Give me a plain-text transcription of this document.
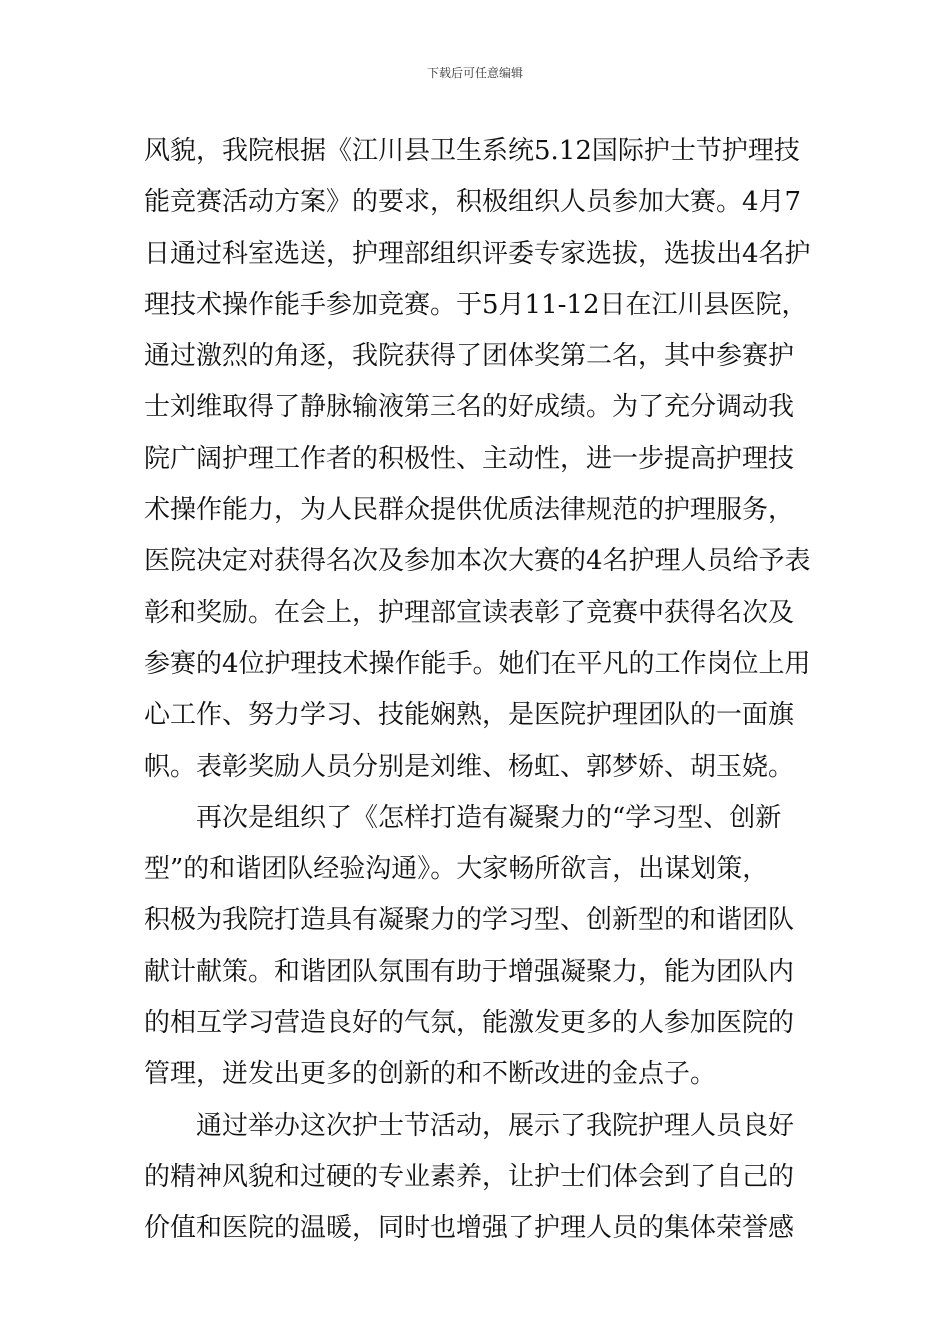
下载后可任意编辑
风貌，我院根据《江川县卫生系统5.12国际护士节护理技
能竞赛活动方案》的要求，积极组织人员参加大赛。4月7
日通过科室选送，护理部组织评委专家选拔，选拔出4名护
理技术操作能手参加竞赛。于5月11-12日在江川县医院，
通过激烈的角逐，我院获得了团体奖第二名，其中参赛护
士刘维取得了静脉输液第三名的好成绩。为了充分调动我
院广阔护理工作者的积极性、主动性，进一步提高护理技
术操作能力，为人民群众提供优质法律规范的护理服务，
医院决定对获得名次及参加本次大赛的4名护理人员给予表
彰和奖励。在会上，护理部宣读表彰了竞赛中获得名次及
参赛的4位护理技术操作能手。她们在平凡的工作岗位上用
心工作、努力学习、技能娴熟，是医院护理团队的一面旗
帜。表彰奖励人员分别是刘维、杨虹、郭梦娇、胡玉娆。
再次是组织了《怎样打造有凝聚力的“学习型、创新
型”的和谐团队经验沟通》。大家畅所欲言，出谋划策，
积极为我院打造具有凝聚力的学习型、创新型的和谐团队
献计献策。和谐团队氛围有助于增强凝聚力，能为团队内
的相互学习营造良好的气氛，能激发更多的人参加医院的
管理，迸发出更多的创新的和不断改进的金点子。
通过举办这次护士节活动，展示了我院护理人员良好
的精神风貌和过硬的专业素养，让护士们体会到了自己的
价值和医院的温暖，同时也增强了护理人员的集体荣誉感
